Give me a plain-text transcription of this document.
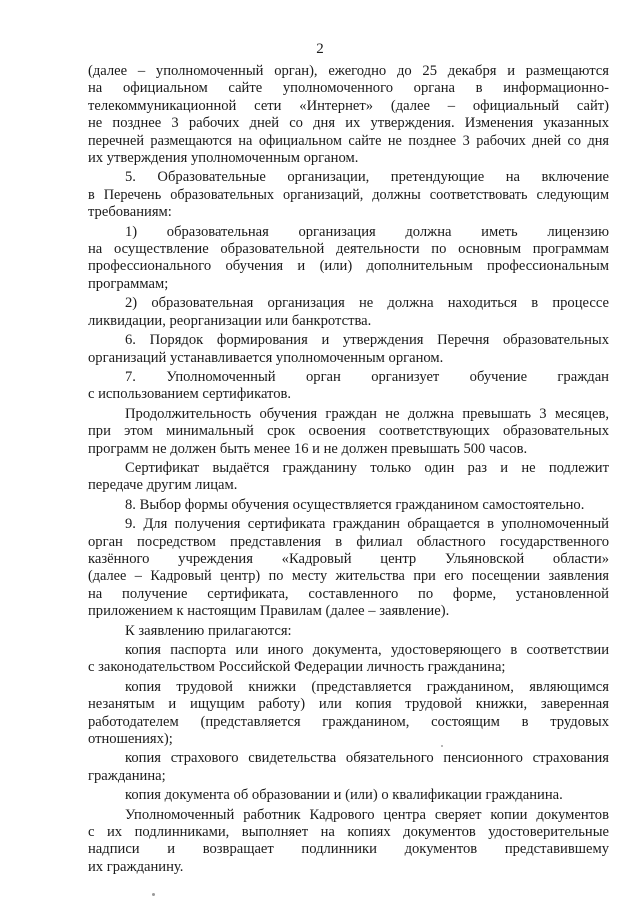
2
(далее – уполномоченный орган), ежегодно до 25 декабря и размещаются
на официальном сайте уполномоченного органа в информационно-
телекоммуникационной сети «Интернет» (далее – официальный сайт)
не позднее 3 рабочих дней со дня их утверждения. Изменения указанных
перечней размещаются на официальном сайте не позднее 3 рабочих дней со дня
их утверждения уполномоченным органом.
5. Образовательные организации, претендующие на включение
в Перечень образовательных организаций, должны соответствовать следующим
требованиям:
1) образовательная организация должна иметь лицензию
на осуществление образовательной деятельности по основным программам
профессионального обучения и (или) дополнительным профессиональным
программам;
2) образовательная организация не должна находиться в процессе
ликвидации, реорганизации или банкротства.
6. Порядок формирования и утверждения Перечня образовательных
организаций устанавливается уполномоченным органом.
7. Уполномоченный орган организует обучение граждан
с использованием сертификатов.
Продолжительность обучения граждан не должна превышать 3 месяцев,
при этом минимальный срок освоения соответствующих образовательных
программ не должен быть менее 16 и не должен превышать 500 часов.
Сертификат выдаётся гражданину только один раз и не подлежит
передаче другим лицам.
8. Выбор формы обучения осуществляется гражданином самостоятельно.
9. Для получения сертификата гражданин обращается в уполномоченный
орган посредством представления в филиал областного государственного
казённого учреждения «Кадровый центр Ульяновской области»
(далее – Кадровый центр) по месту жительства при его посещении заявления
на получение сертификата, составленного по форме, установленной
приложением к настоящим Правилам (далее – заявление).
К заявлению прилагаются:
копия паспорта или иного документа, удостоверяющего в соответствии
с законодательством Российской Федерации личность гражданина;
копия трудовой книжки (представляется гражданином, являющимся
незанятым и ищущим работу) или копия трудовой книжки, заверенная
работодателем (представляется гражданином, состоящим в трудовых
отношениях);
копия страхового свидетельства обязательного пенсионного страхования
гражданина;
копия документа об образовании и (или) о квалификации гражданина.
Уполномоченный работник Кадрового центра сверяет копии документов
с их подлинниками, выполняет на копиях документов удостоверительные
надписи и возвращает подлинники документов представившему
их гражданину.
